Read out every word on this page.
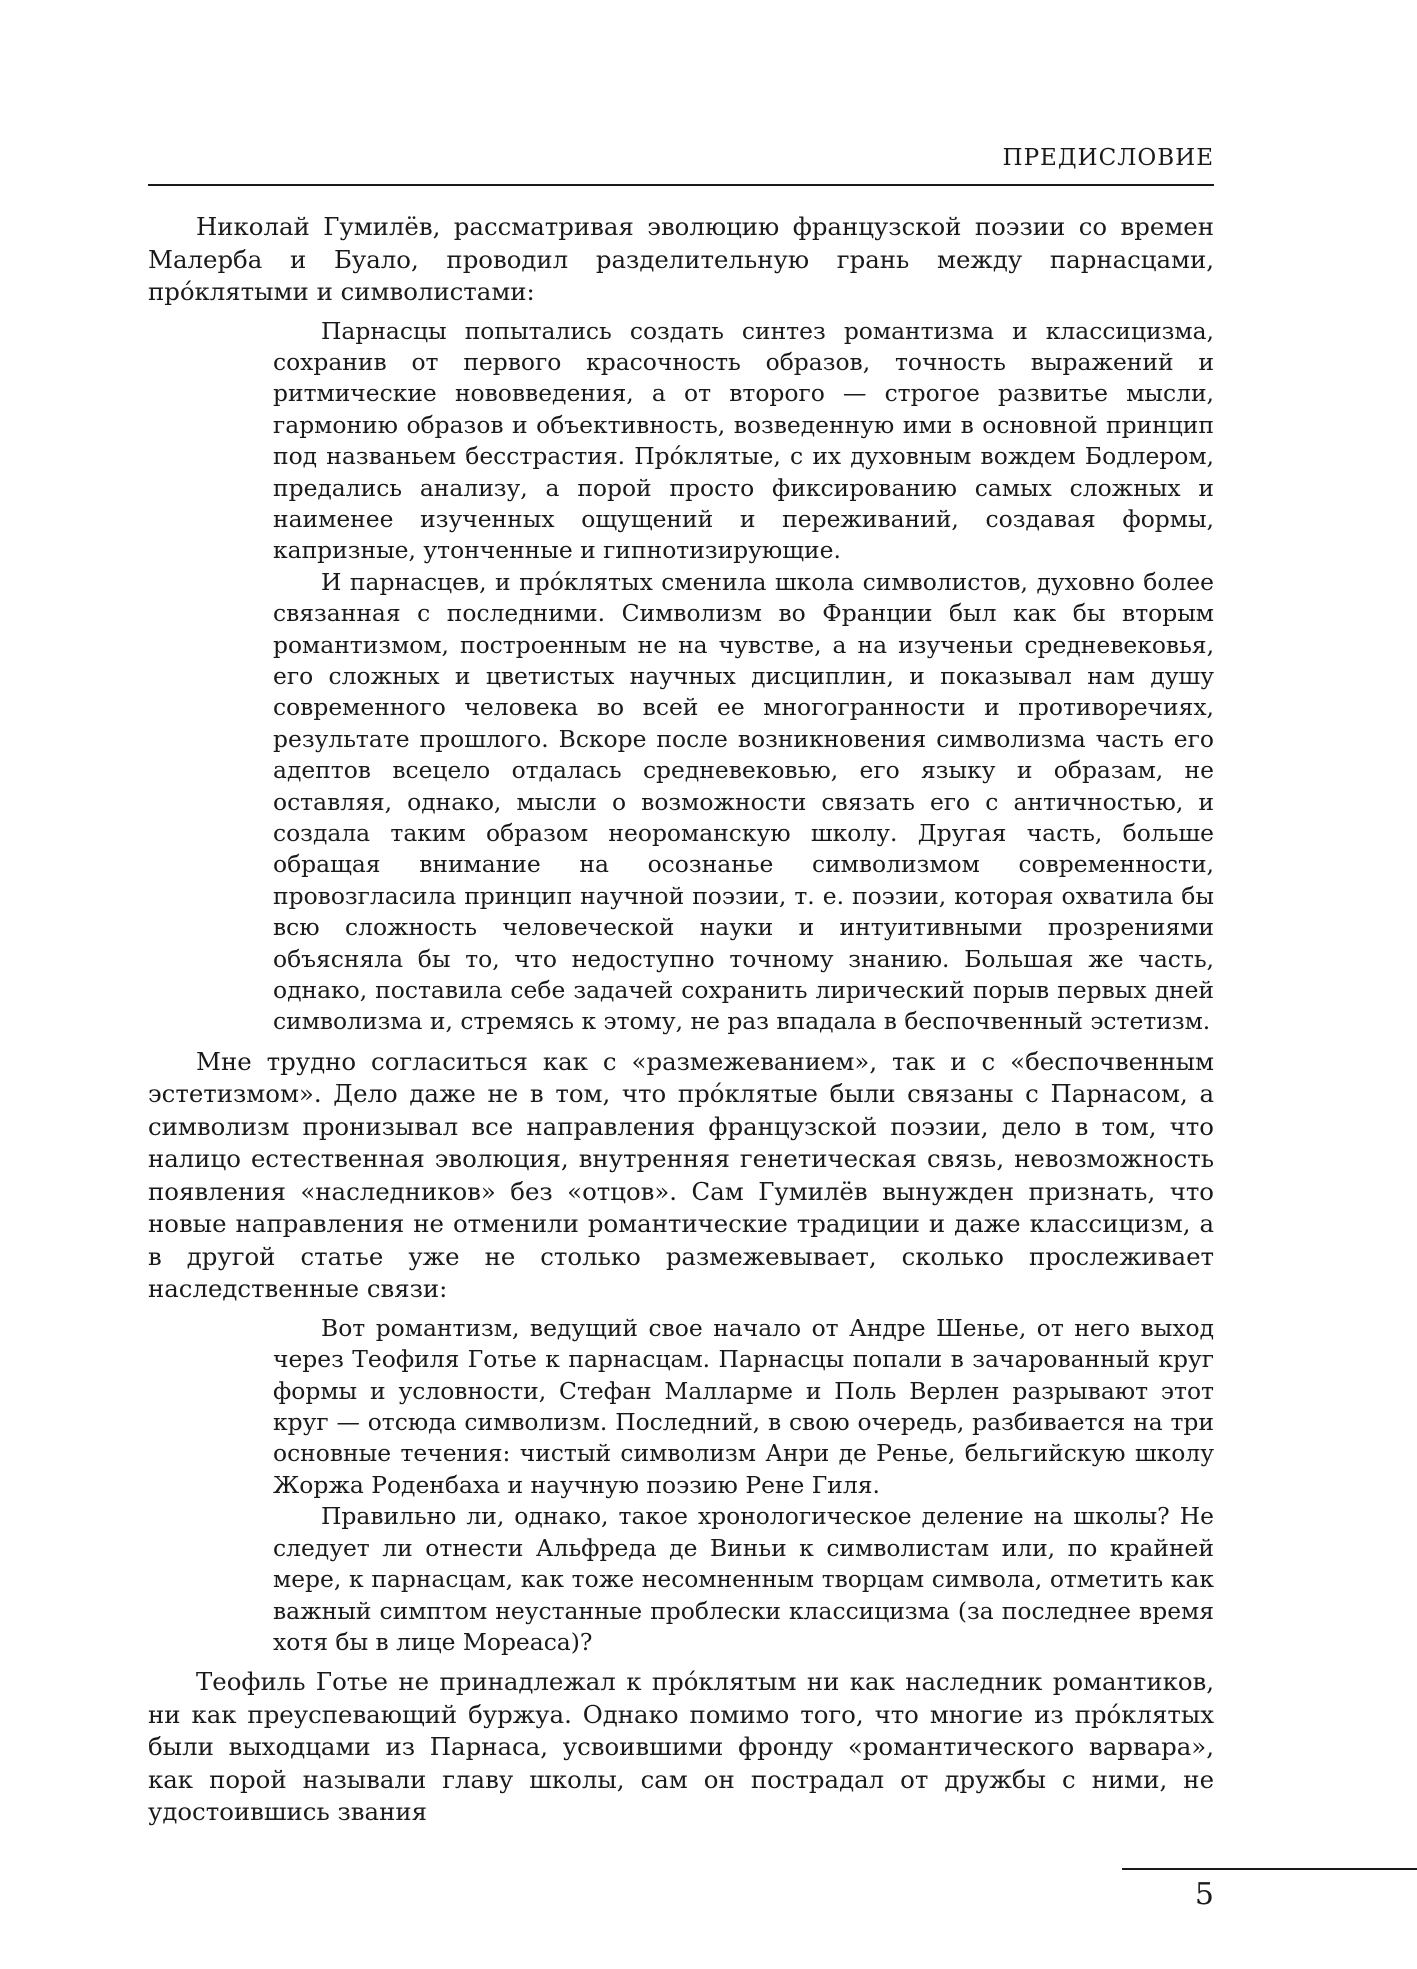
ПРЕДИСЛОВИЕ

Николай Гумилёв, рассматривая эволюцию французской поэзии со времен Малерба и Буало, проводил разделительную грань между парнасцами, про́клятыми и символистами:

Парнасцы попытались создать синтез романтизма и классицизма, сохранив от первого красочность образов, точность выражений и ритмические нововведения, а от второго — строгое развитье мысли, гармонию образов и объективность, возведенную ими в основной принцип под названьем бесстрастия. Про́клятые, с их духовным вождем Бодлером, предались анализу, а порой просто фиксированию самых сложных и наименее изученных ощущений и переживаний, создавая формы, капризные, утонченные и гипнотизирующие.

И парнасцев, и про́клятых сменила школа символистов, духовно более связанная с последними. Символизм во Франции был как бы вторым романтизмом, построенным не на чувстве, а на изученьи средневековья, его сложных и цветистых научных дисциплин, и показывал нам душу современного человека во всей ее многогранности и противоречиях, результате прошлого. Вскоре после возникновения символизма часть его адептов всецело отдалась средневековью, его языку и образам, не оставляя, однако, мысли о возможности связать его с античностью, и создала таким образом неороманскую школу. Другая часть, больше обращая внимание на осознанье символизмом современности, провозгласила принцип научной поэзии, т. е. поэзии, которая охватила бы всю сложность человеческой науки и интуитивными прозрениями объясняла бы то, что недоступно точному знанию. Большая же часть, однако, поставила себе задачей сохранить лирический порыв первых дней символизма и, стремясь к этому, не раз впадала в беспочвенный эстетизм.

Мне трудно согласиться как с «размежеванием», так и с «беспочвенным эстетизмом». Дело даже не в том, что про́клятые были связаны с Парнасом, а символизм пронизывал все направления французской поэзии, дело в том, что налицо естественная эволюция, внутренняя генетическая связь, невозможность появления «наследников» без «отцов». Сам Гумилёв вынужден признать, что новые направления не отменили романтические традиции и даже классицизм, а в другой статье уже не столько размежевывает, сколько прослеживает наследственные связи:

Вот романтизм, ведущий свое начало от Андре Шенье, от него выход через Теофиля Готье к парнасцам. Парнасцы попали в зачарованный круг формы и условности, Стефан Малларме и Поль Верлен разрывают этот круг — отсюда символизм. Последний, в свою очередь, разбивается на три основные течения: чистый символизм Анри де Ренье, бельгийскую школу Жоржа Роденбаха и научную поэзию Рене Гиля.

Правильно ли, однако, такое хронологическое деление на школы? Не следует ли отнести Альфреда де Виньи к символистам или, по крайней мере, к парнасцам, как тоже несомненным творцам символа, отметить как важный симптом неустанные проблески классицизма (за последнее время хотя бы в лице Мореаса)?

Теофиль Готье не принадлежал к про́клятым ни как наследник романтиков, ни как преуспевающий буржуа. Однако помимо того, что многие из про́клятых были выходцами из Парнаса, усвоившими фронду «романтического варвара», как порой называли главу школы, сам он пострадал от дружбы с ними, не удостоившись звания

5
